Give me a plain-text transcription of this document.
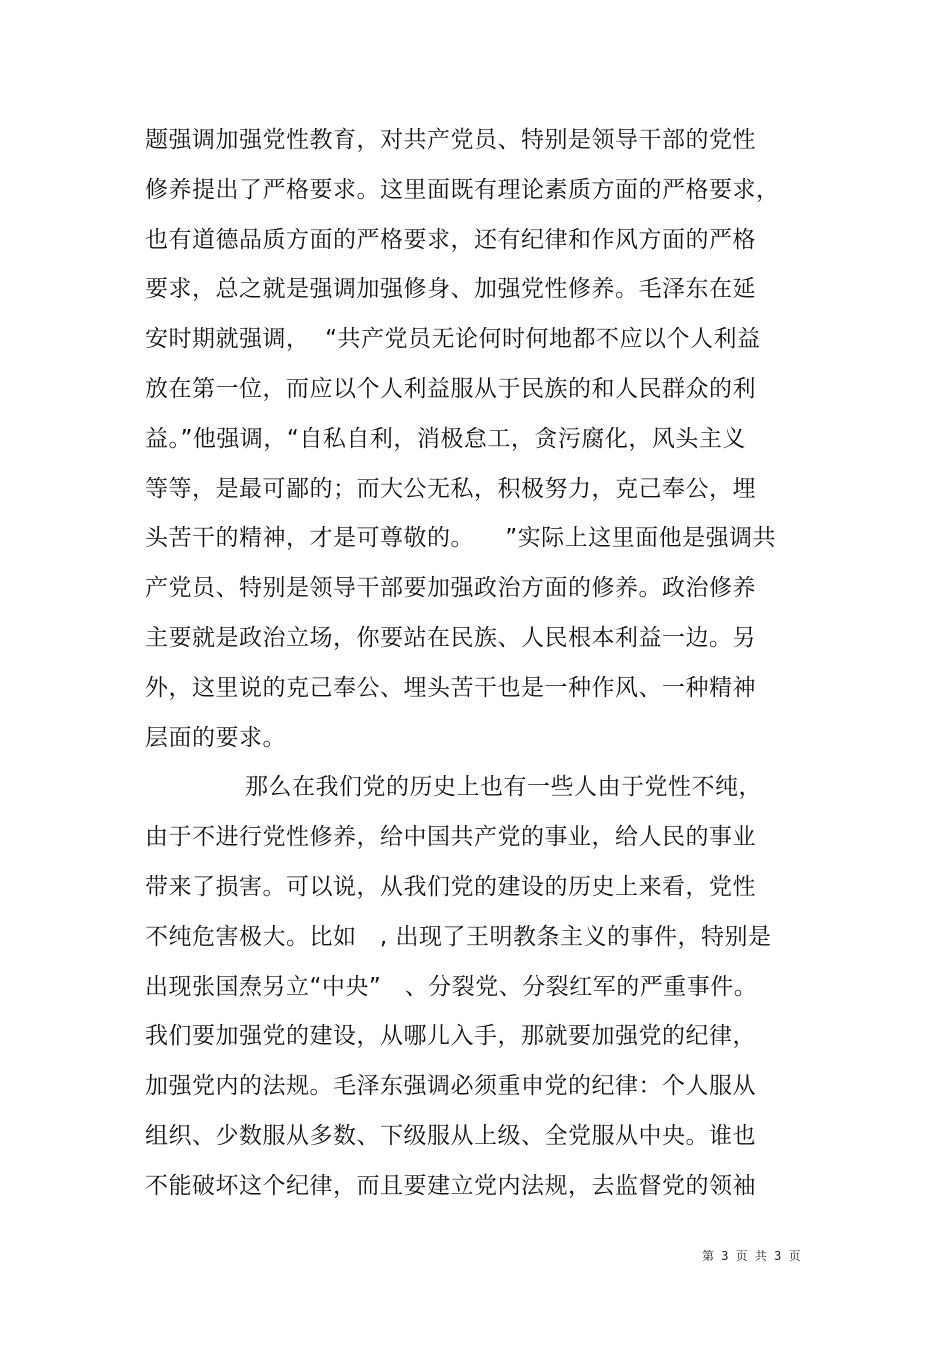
题强调加强党性教育，对共产党员、特别是领导干部的党性
修养提出了严格要求。这里面既有理论素质方面的严格要求，
也有道德品质方面的严格要求，还有纪律和作风方面的严格
要求，总之就是强调加强修身、加强党性修养。毛泽东在延
安时期就强调，  “共产党员无论何时何地都不应以个人利益
放在第一位，而应以个人利益服从于民族的和人民群众的利
益。”他强调，“自私自利，消极怠工，贪污腐化，风头主义
等等，是最可鄙的；而大公无私，积极努力，克己奉公，埋
头苦干的精神，才是可尊敬的。    ”实际上这里面他是强调共
产党员、特别是领导干部要加强政治方面的修养。政治修养
主要就是政治立场，你要站在民族、人民根本利益一边。另
外，这里说的克己奉公、埋头苦干也是一种作风、一种精神
层面的要求。
那么在我们党的历史上也有一些人由于党性不纯，
由于不进行党性修养，给中国共产党的事业，给人民的事业
带来了损害。可以说，从我们党的建设的历史上来看，党性
不纯危害极大。比如   , 出现了王明教条主义的事件，特别是
出现张国焘另立“中央”   、分裂党、分裂红军的严重事件。
我们要加强党的建设，从哪儿入手，那就要加强党的纪律，
加强党内的法规。毛泽东强调必须重申党的纪律：个人服从
组织、少数服从多数、下级服从上级、全党服从中央。谁也
不能破坏这个纪律，而且要建立党内法规，去监督党的领袖
第 3 页 共 3 页
